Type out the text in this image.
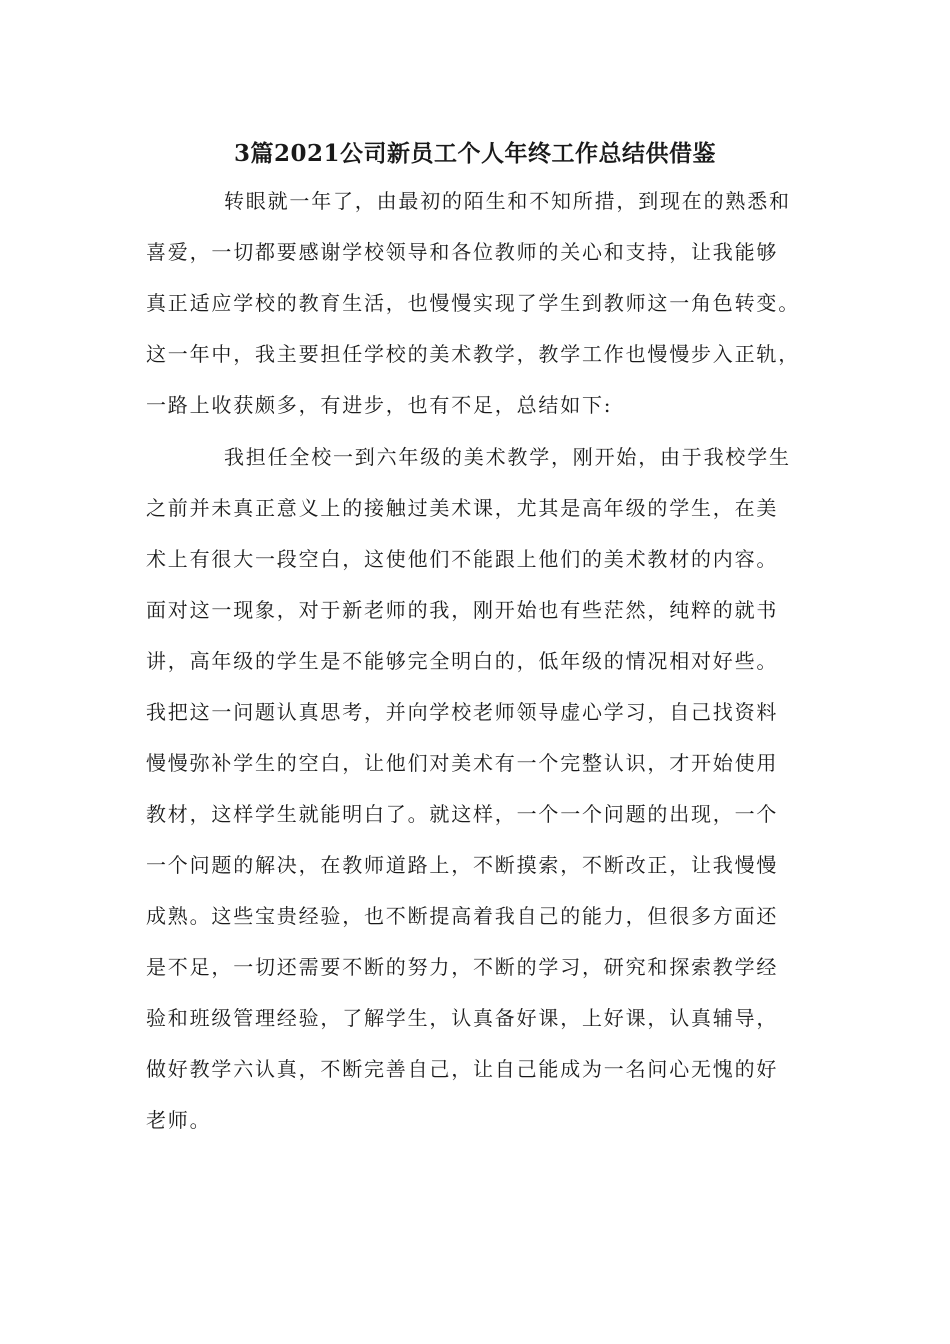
3篇2021公司新员工个人年终工作总结供借鉴
转眼就一年了，由最初的陌生和不知所措，到现在的熟悉和
喜爱，一切都要感谢学校领导和各位教师的关心和支持，让我能够
真正适应学校的教育生活，也慢慢实现了学生到教师这一角色转变。
这一年中，我主要担任学校的美术教学，教学工作也慢慢步入正轨，
一路上收获颇多，有进步，也有不足，总结如下:
我担任全校一到六年级的美术教学，刚开始，由于我校学生
之前并未真正意义上的接触过美术课，尤其是高年级的学生，在美
术上有很大一段空白，这使他们不能跟上他们的美术教材的内容。
面对这一现象，对于新老师的我，刚开始也有些茫然，纯粹的就书
讲，高年级的学生是不能够完全明白的，低年级的情况相对好些。
我把这一问题认真思考，并向学校老师领导虚心学习，自己找资料
慢慢弥补学生的空白，让他们对美术有一个完整认识，才开始使用
教材，这样学生就能明白了。就这样，一个一个问题的出现，一个
一个问题的解决，在教师道路上，不断摸索，不断改正，让我慢慢
成熟。这些宝贵经验，也不断提高着我自己的能力，但很多方面还
是不足，一切还需要不断的努力，不断的学习，研究和探索教学经
验和班级管理经验，了解学生，认真备好课，上好课，认真辅导，
做好教学六认真，不断完善自己，让自己能成为一名问心无愧的好
老师。
